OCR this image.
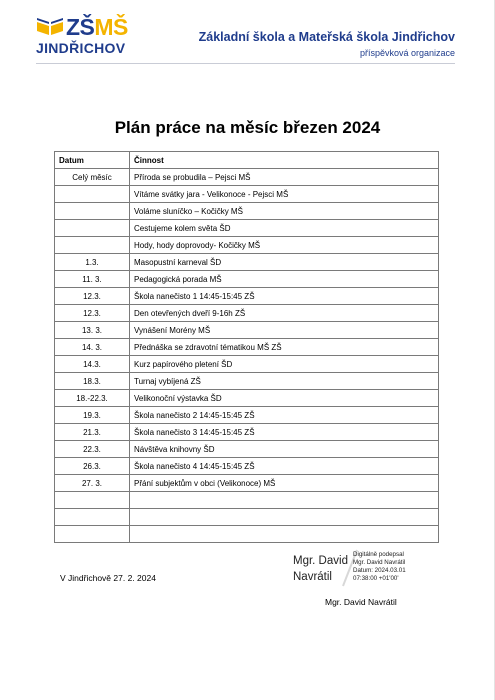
ZŠMŠ
JINDŘICHOV
Základní škola a Mateřská škola Jindřichov
příspěvková organizace
Plán práce na měsíc březen 2024
Datum	Činnost
Celý měsíc	Příroda se probudila – Pejsci MŠ
	Vítáme svátky jara - Velikonoce - Pejsci MŠ
	Voláme sluníčko – Kočičky MŠ
	Cestujeme kolem světa ŠD
	Hody, hody doprovody- Kočičky MŠ
1.3.	Masopustní karneval ŠD
11. 3.	Pedagogická porada MŠ
12.3.	Škola nanečisto 1 14:45-15:45 ZŠ
12.3.	Den otevřených dveří 9-16h ZŠ
13. 3.	Vynášení Morény MŠ
14. 3.	Přednáška se zdravotní tématikou MŠ ZŠ
14.3.	Kurz papírového pletení ŠD
18.3.	Turnaj vybíjená ZŠ
18.-22.3.	Velikonoční výstavka ŠD
19.3.	Škola nanečisto 2 14:45-15:45 ZŠ
21.3.	Škola nanečisto 3 14:45-15:45 ZŠ
22.3.	Návštěva knihovny ŠD
26.3.	Škola nanečisto 4 14:45-15:45 ZŠ
27. 3.	Přání subjektům v obci (Velikonoce) MŠ

V Jindřichově 27. 2. 2024
Mgr. David Navrátil
Digitálně podepsal
Mgr. David Navrátil
Datum: 2024.03.01
07:38:00 +01'00'
Mgr. David Navrátil
